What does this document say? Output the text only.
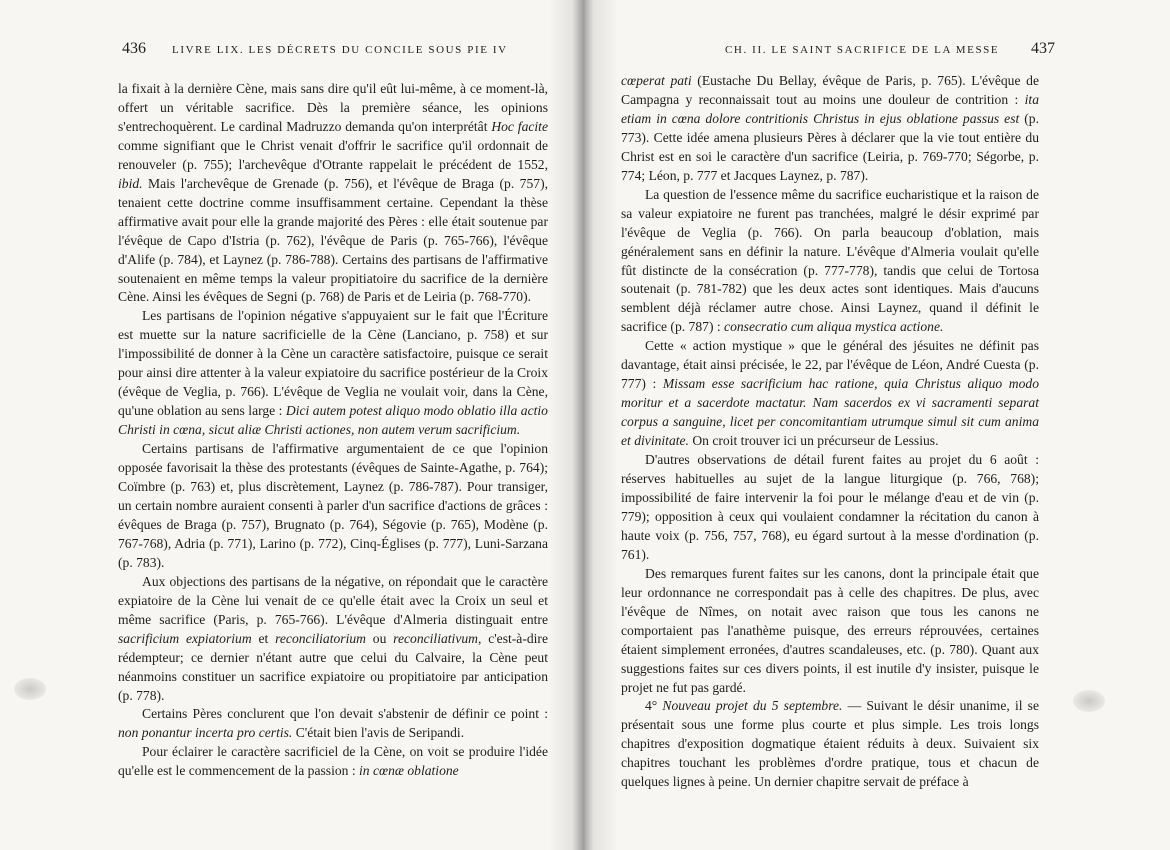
436 LIVRE LIX. LES DÉCRETS DU CONCILE SOUS PIE IV

la fixait à la dernière Cène, mais sans dire qu'il eût lui-même, à ce moment-là, offert un véritable sacrifice. Dès la première séance, les opinions s'entrechoquèrent. Le cardinal Madruzzo demanda qu'on interprétât Hoc facite comme signifiant que le Christ venait d'offrir le sacrifice qu'il ordonnait de renouveler (p. 755); l'archevêque d'Otrante rappelait le précédent de 1552, ibid. Mais l'archevêque de Grenade (p. 756), et l'évêque de Braga (p. 757), tenaient cette doctrine comme insuffisamment certaine. Cependant la thèse affirmative avait pour elle la grande majorité des Pères : elle était soutenue par l'évêque de Capo d'Istria (p. 762), l'évêque de Paris (p. 765-766), l'évêque d'Alife (p. 784), et Laynez (p. 786-788). Certains des partisans de l'affirmative soutenaient en même temps la valeur propitiatoire du sacrifice de la dernière Cène. Ainsi les évêques de Segni (p. 768) de Paris et de Leiria (p. 768-770).

Les partisans de l'opinion négative s'appuyaient sur le fait que l'Écriture est muette sur la nature sacrificielle de la Cène (Lanciano, p. 758) et sur l'impossibilité de donner à la Cène un caractère satisfactoire, puisque ce serait pour ainsi dire attenter à la valeur expiatoire du sacrifice postérieur de la Croix (évêque de Veglia, p. 766). L'évêque de Veglia ne voulait voir, dans la Cène, qu'une oblation au sens large : Dici autem potest aliquo modo oblatio illa actio Christi in cœna, sicut aliæ Christi actiones, non autem verum sacrificium.

Certains partisans de l'affirmative argumentaient de ce que l'opinion opposée favorisait la thèse des protestants (évêques de Sainte-Agathe, p. 764); Coïmbre (p. 763) et, plus discrètement, Laynez (p. 786-787). Pour transiger, un certain nombre auraient consenti à parler d'un sacrifice d'actions de grâces : évêques de Braga (p. 757), Brugnato (p. 764), Ségovie (p. 765), Modène (p. 767-768), Adria (p. 771), Larino (p. 772), Cinq-Églises (p. 777), Luni-Sarzana (p. 783).

Aux objections des partisans de la négative, on répondait que le caractère expiatoire de la Cène lui venait de ce qu'elle était avec la Croix un seul et même sacrifice (Paris, p. 765-766). L'évêque d'Almeria distinguait entre sacrificium expiatorium et reconciliatorium ou reconciliativum, c'est-à-dire rédempteur; ce dernier n'étant autre que celui du Calvaire, la Cène peut néanmoins constituer un sacrifice expiatoire ou propitiatoire par anticipation (p. 778).

Certains Pères conclurent que l'on devait s'abstenir de définir ce point : non ponantur incerta pro certis. C'était bien l'avis de Seripandi.

Pour éclairer le caractère sacrificiel de la Cène, on voit se produire l'idée qu'elle est le commencement de la passion : in cœnæ oblatione

CH. II. LE SAINT SACRIFICE DE LA MESSE 437

cœperat pati (Eustache Du Bellay, évêque de Paris, p. 765). L'évêque de Campagna y reconnaissait tout au moins une douleur de contrition : ita etiam in cœna dolore contritionis Christus in ejus oblatione passus est (p. 773). Cette idée amena plusieurs Pères à déclarer que la vie tout entière du Christ est en soi le caractère d'un sacrifice (Leiria, p. 769-770; Ségorbe, p. 774; Léon, p. 777 et Jacques Laynez, p. 787).

La question de l'essence même du sacrifice eucharistique et la raison de sa valeur expiatoire ne furent pas tranchées, malgré le désir exprimé par l'évêque de Veglia (p. 766). On parla beaucoup d'oblation, mais généralement sans en définir la nature. L'évêque d'Almeria voulait qu'elle fût distincte de la consécration (p. 777-778), tandis que celui de Tortosa soutenait (p. 781-782) que les deux actes sont identiques. Mais d'aucuns semblent déjà réclamer autre chose. Ainsi Laynez, quand il définit le sacrifice (p. 787) : consecratio cum aliqua mystica actione.

Cette « action mystique » que le général des jésuites ne définit pas davantage, était ainsi précisée, le 22, par l'évêque de Léon, André Cuesta (p. 777) : Missam esse sacrificium hac ratione, quia Christus aliquo modo moritur et a sacerdote mactatur. Nam sacerdos ex vi sacramenti separat corpus a sanguine, licet per concomitantiam utrumque simul sit cum anima et divinitate. On croit trouver ici un précurseur de Lessius.

D'autres observations de détail furent faites au projet du 6 août : réserves habituelles au sujet de la langue liturgique (p. 766, 768); impossibilité de faire intervenir la foi pour le mélange d'eau et de vin (p. 779); opposition à ceux qui voulaient condamner la récitation du canon à haute voix (p. 756, 757, 768), eu égard surtout à la messe d'ordination (p. 761).

Des remarques furent faites sur les canons, dont la principale était que leur ordonnance ne correspondait pas à celle des chapitres. De plus, avec l'évêque de Nîmes, on notait avec raison que tous les canons ne comportaient pas l'anathème puisque, des erreurs réprouvées, certaines étaient simplement erronées, d'autres scandaleuses, etc. (p. 780). Quant aux suggestions faites sur ces divers points, il est inutile d'y insister, puisque le projet ne fut pas gardé.

4° Nouveau projet du 5 septembre. — Suivant le désir unanime, il se présentait sous une forme plus courte et plus simple. Les trois longs chapitres d'exposition dogmatique étaient réduits à deux. Suivaient six chapitres touchant les problèmes d'ordre pratique, tous et chacun de quelques lignes à peine. Un dernier chapitre servait de préface à
